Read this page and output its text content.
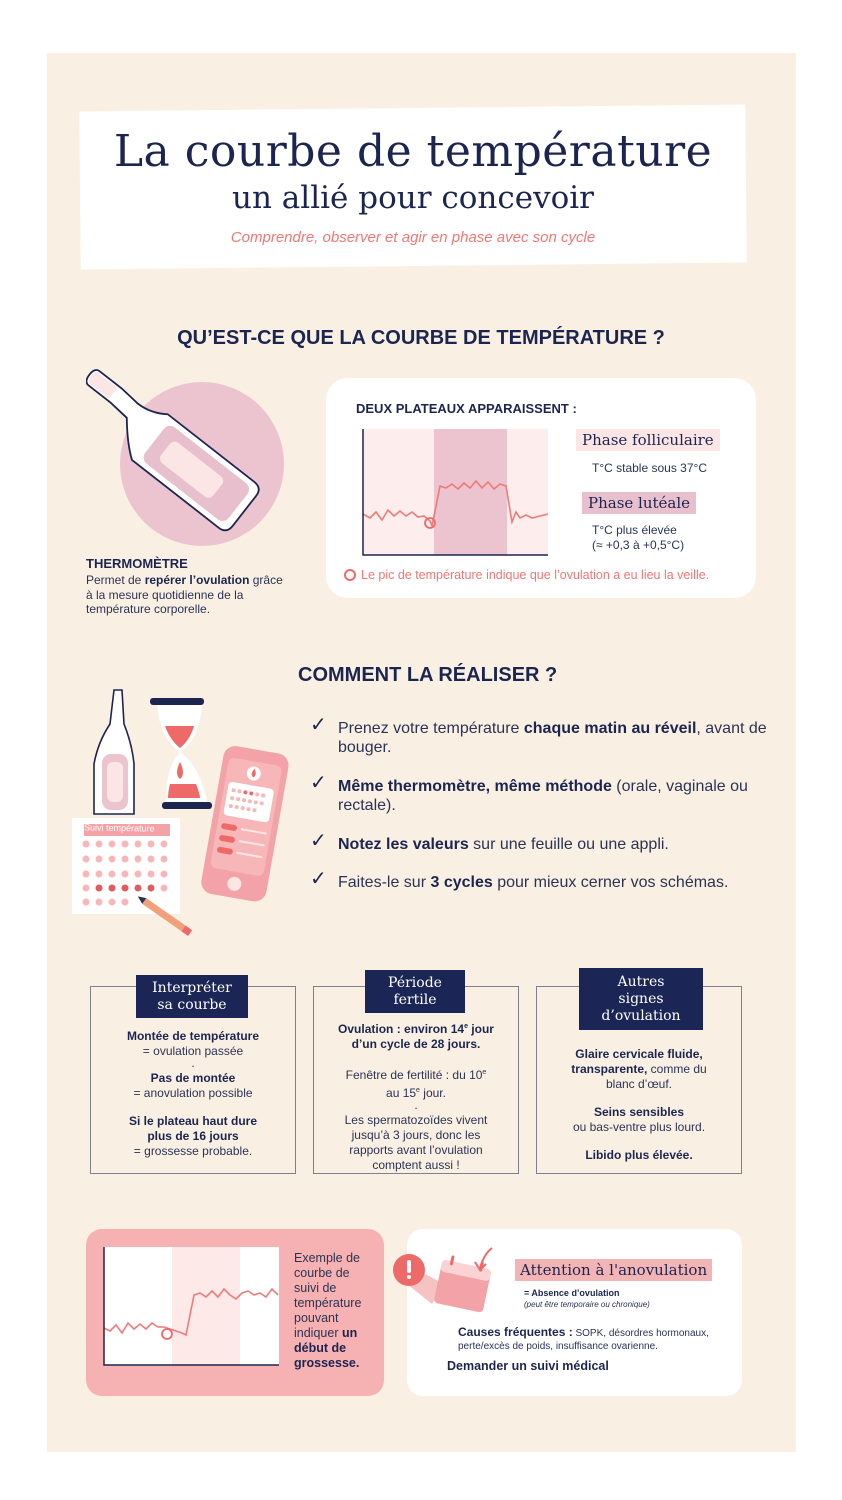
La courbe de température
un allié pour concevoir
Comprendre, observer et agir en phase avec son cycle
QU’EST-CE QUE LA COURBE DE TEMPÉRATURE ?
THERMOMÈTRE
Permet de repérer l’ovulation grâce à la mesure quotidienne de la température corporelle.
DEUX PLATEAUX APPARAISSENT :
Phase folliculaire
T°C stable sous 37°C
Phase lutéale
T°C plus élevée
(≈ +0,3 à +0,5°C)
Le pic de température indique que l’ovulation a eu lieu la veille.
COMMENT LA RÉALISER ?
Suivi température
✓ Prenez votre température chaque matin au réveil, avant de bouger.
✓ Même thermomètre, même méthode (orale, vaginale ou rectale).
✓ Notez les valeurs sur une feuille ou une appli.
✓ Faites-le sur 3 cycles pour mieux cerner vos schémas.
Interpréter
sa courbe

Montée de température

= ovulation passée

.

Pas de montée

= anovulation possible

Si le plateau haut dure

plus de 16 jours

= grossesse probable.

Période
fertile

Ovulation : environ 14e jour

d’un cycle de 28 jours.

Fenêtre de fertilité : du 10e

au 15e jour.

.

Les spermatozoïdes vivent

jusqu’à 3 jours, donc les

rapports avant l’ovulation

comptent aussi !

Autres
signes
d’ovulation

Glaire cervicale fluide,

transparente, comme du

blanc d’œuf.

Seins sensibles

ou bas-ventre plus lourd.

Libido plus élevée.

Exemple de
courbe de
suivi de
température
pouvant
indiquer un
début de
grossesse.
Attention à l'anovulation
= Absence d’ovulation
(peut être temporaire ou chronique)
Causes fréquentes : SOPK, désordres hormonaux,
perte/excès de poids, insuffisance ovarienne.
Demander un suivi médical
